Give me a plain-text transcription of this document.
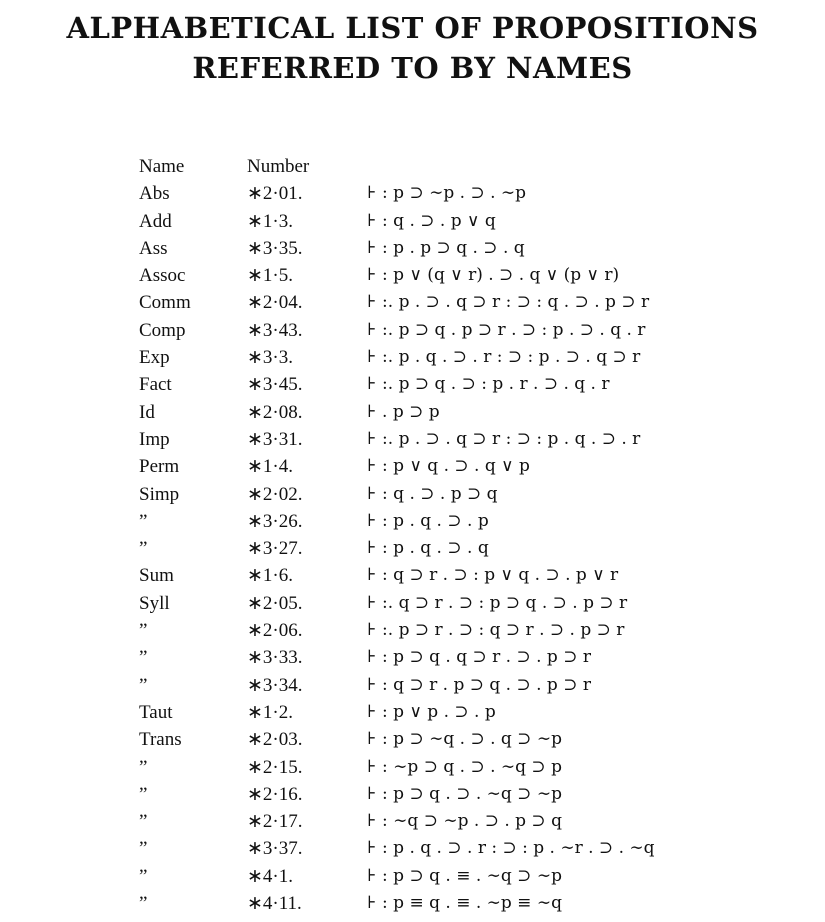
ALPHABETICAL LIST OF PROPOSITIONS
REFERRED TO BY NAMES
Name	Number
Abs	∗2·01.	⊦ : p ⊃ ∼p . ⊃ . ∼p
Add	∗1·3.	⊦ : q . ⊃ . p ∨ q
Ass	∗3·35.	⊦ : p . p ⊃ q . ⊃ . q
Assoc	∗1·5.	⊦ : p ∨ (q ∨ r) . ⊃ . q ∨ (p ∨ r)
Comm	∗2·04.	⊦ :. p . ⊃ . q ⊃ r : ⊃ : q . ⊃ . p ⊃ r
Comp	∗3·43.	⊦ :. p ⊃ q . p ⊃ r . ⊃ : p . ⊃ . q . r
Exp	∗3·3.	⊦ :. p . q . ⊃ . r : ⊃ : p . ⊃ . q ⊃ r
Fact	∗3·45.	⊦ :. p ⊃ q . ⊃ : p . r . ⊃ . q . r
Id	∗2·08.	⊦ . p ⊃ p
Imp	∗3·31.	⊦ :. p . ⊃ . q ⊃ r : ⊃ : p . q . ⊃ . r
Perm	∗1·4.	⊦ : p ∨ q . ⊃ . q ∨ p
Simp	∗2·02.	⊦ : q . ⊃ . p ⊃ q
”	∗3·26.	⊦ : p . q . ⊃ . p
”	∗3·27.	⊦ : p . q . ⊃ . q
Sum	∗1·6.	⊦ : q ⊃ r . ⊃ : p ∨ q . ⊃ . p ∨ r
Syll	∗2·05.	⊦ :. q ⊃ r . ⊃ : p ⊃ q . ⊃ . p ⊃ r
”	∗2·06.	⊦ :. p ⊃ r . ⊃ : q ⊃ r . ⊃ . p ⊃ r
”	∗3·33.	⊦ : p ⊃ q . q ⊃ r . ⊃ . p ⊃ r
”	∗3·34.	⊦ : q ⊃ r . p ⊃ q . ⊃ . p ⊃ r
Taut	∗1·2.	⊦ : p ∨ p . ⊃ . p
Trans	∗2·03.	⊦ : p ⊃ ∼q . ⊃ . q ⊃ ∼p
”	∗2·15.	⊦ : ∼p ⊃ q . ⊃ . ∼q ⊃ p
”	∗2·16.	⊦ : p ⊃ q . ⊃ . ∼q ⊃ ∼p
”	∗2·17.	⊦ : ∼q ⊃ ∼p . ⊃ . p ⊃ q
”	∗3·37.	⊦ : p . q . ⊃ . r : ⊃ : p . ∼r . ⊃ . ∼q
”	∗4·1.	⊦ : p ⊃ q . ≡ . ∼q ⊃ ∼p
”	∗4·11.	⊦ : p ≡ q . ≡ . ∼p ≡ ∼q
